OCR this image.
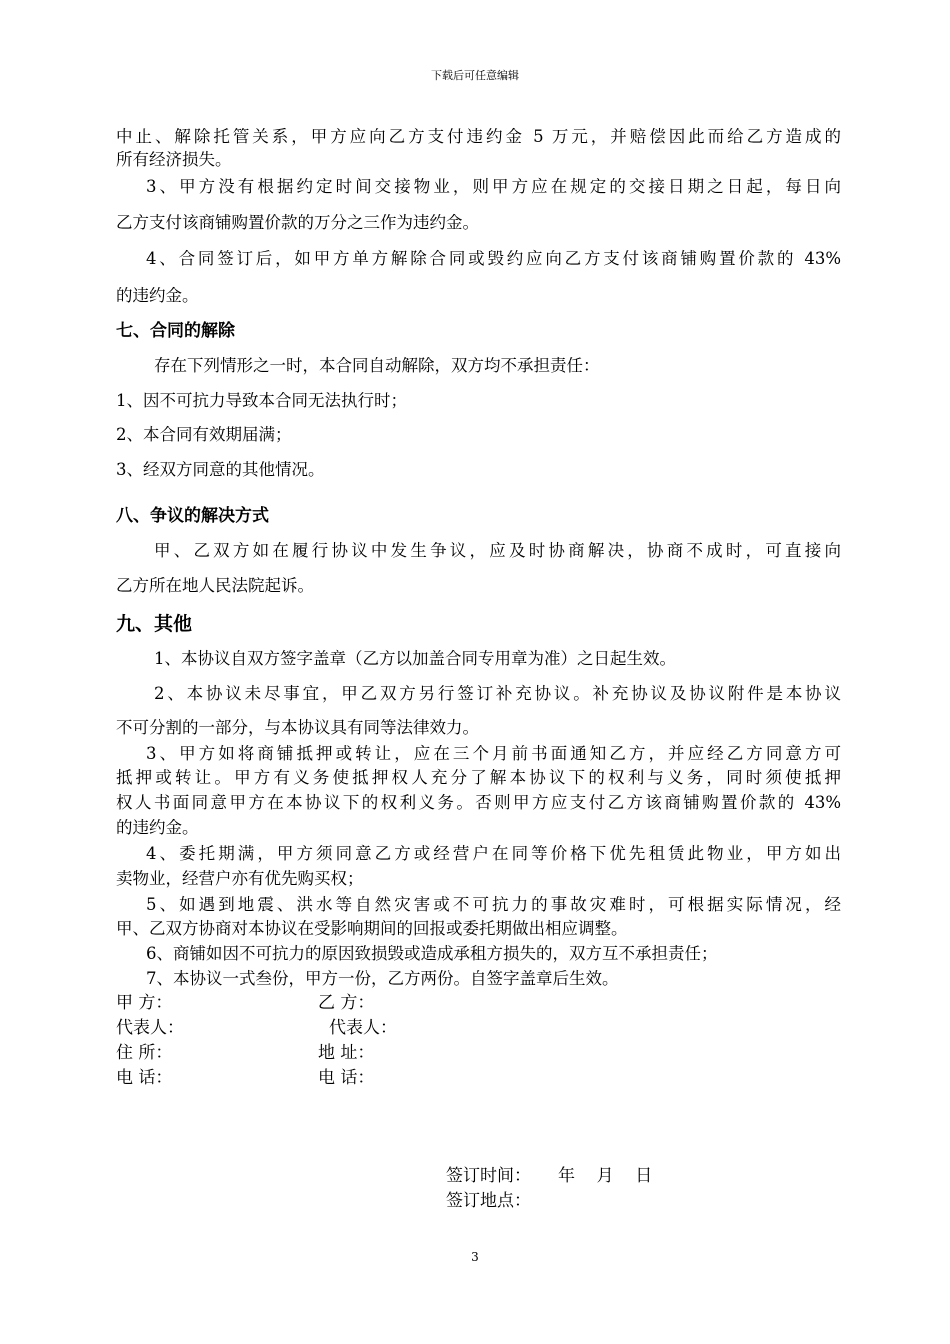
下载后可任意编辑
中止、解除托管关系，甲方应向乙方支付违约金 5 万元，并赔偿因此而给乙方造成的
所有经济损失。
3、甲方没有根据约定时间交接物业，则甲方应在规定的交接日期之日起，每日向
乙方支付该商铺购置价款的万分之三作为违约金。
4、合同签订后，如甲方单方解除合同或毁约应向乙方支付该商铺购置价款的 43%
的违约金。
七、合同的解除
存在下列情形之一时，本合同自动解除，双方均不承担责任：
1、因不可抗力导致本合同无法执行时；
2、本合同有效期届满；
3、经双方同意的其他情况。
八、争议的解决方式
甲、乙双方如在履行协议中发生争议，应及时协商解决，协商不成时，可直接向
乙方所在地人民法院起诉。
九、其他
1、本协议自双方签字盖章（乙方以加盖合同专用章为准）之日起生效。
2、本协议未尽事宜，甲乙双方另行签订补充协议。补充协议及协议附件是本协议
不可分割的一部分，与本协议具有同等法律效力。
3、甲方如将商铺抵押或转让，应在三个月前书面通知乙方，并应经乙方同意方可
抵押或转让。甲方有义务使抵押权人充分了解本协议下的权利与义务，同时须使抵押
权人书面同意甲方在本协议下的权利义务。否则甲方应支付乙方该商铺购置价款的 43%
的违约金。
4、委托期满，甲方须同意乙方或经营户在同等价格下优先租赁此物业，甲方如出
卖物业，经营户亦有优先购买权；
5、如遇到地震、洪水等自然灾害或不可抗力的事故灾难时，可根据实际情况，经
甲、乙双方协商对本协议在受影响期间的回报或委托期做出相应调整。
6、商铺如因不可抗力的原因致损毁或造成承租方损失的，双方互不承担责任；
7、本协议一式叁份，甲方一份，乙方两份。自签字盖章后生效。
甲 方：	乙 方：
代表人：	代表人：
住 所：	地 址：
电 话：	电 话：
签订时间：     年    月    日
签订地点：
3
